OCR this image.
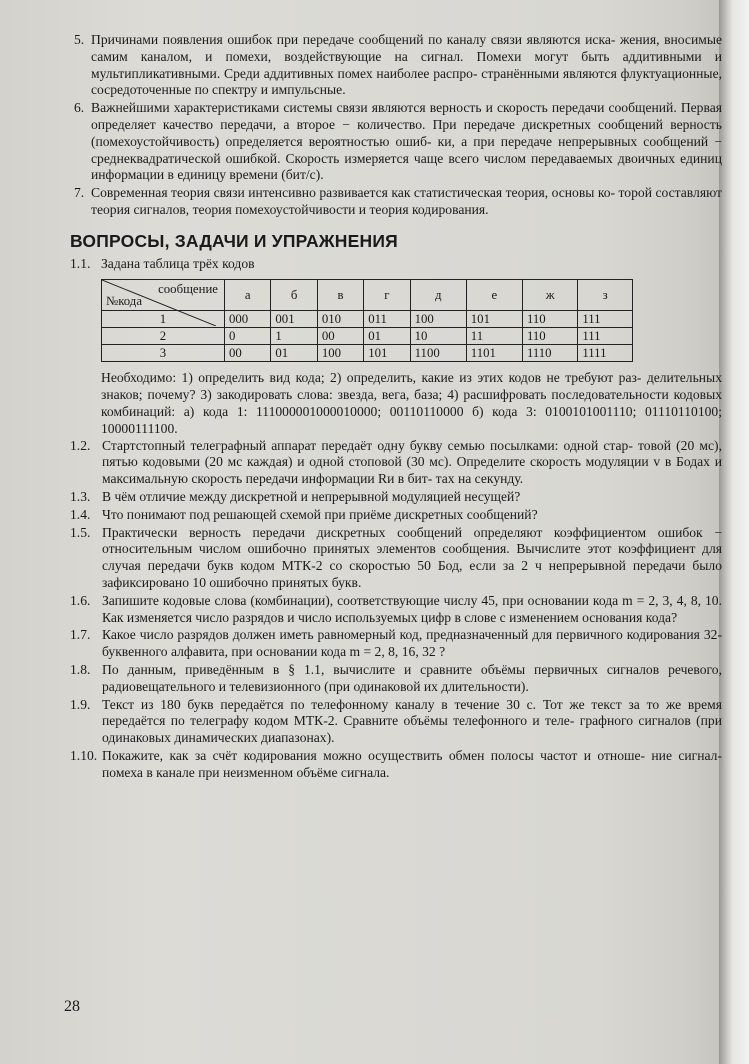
5. Причинами появления ошибок при передаче сообщений по каналу связи являются иска- жения, вносимые самим каналом, и помехи, воздействующие на сигнал. Помехи могут быть аддитивными и мультипликативными. Среди аддитивных помех наиболее распро- странёнными являются флуктуационные, сосредоточенные по спектру и импульсные.
6. Важнейшими характеристиками системы связи являются верность и скорость передачи сообщений. Первая определяет качество передачи, а второе − количество. При передаче дискретных сообщений верность (помехоустойчивость) определяется вероятностью ошиб- ки, а при передаче непрерывных сообщений − среднеквадратической ошибкой. Скорость измеряется чаще всего числом передаваемых двоичных единиц информации в единицу времени (бит/с).
7. Современная теория связи интенсивно развивается как статистическая теория, основы ко- торой составляют теория сигналов, теория помехоустойчивости и теория кодирования.
ВОПРОСЫ, ЗАДАЧИ И УПРАЖНЕНИЯ
1.1. Задана таблица трёх кодов
сообщение
№кода	а	б	в	г	д	е	ж	з
1	000	001	010	011	100	101	110	111
2	0	1	00	01	10	11	110	111
3	00	01	100	101	1100	1101	1110	1111
Необходимо: 1) определить вид кода; 2) определить, какие из этих кодов не требуют раз- делительных знаков; почему? 3) закодировать слова: звезда, вега, база; 4) расшифровать последовательности кодовых комбинаций: а) кода 1: 111000001000010000; 00110110000 б) кода 3: 0100101001110; 01110110100; 10000111100.
1.2. Стартстопный телеграфный аппарат передаёт одну букву семью посылками: одной стар- товой (20 мс), пятью кодовыми (20 мс каждая) и одной стоповой (30 мс). Определите скорость модуляции v в Бодах и максимальную скорость передачи информации Rи в бит- тах на секунду.
1.3. В чём отличие между дискретной и непрерывной модуляцией несущей?
1.4. Что понимают под решающей схемой при приёме дискретных сообщений?
1.5. Практически верность передачи дискретных сообщений определяют коэффициентом ошибок − относительным числом ошибочно принятых элементов сообщения. Вычислите этот коэффициент для случая передачи букв кодом МТК-2 со скоростью 50 Бод, если за 2 ч непрерывной передачи было зафиксировано 10 ошибочно принятых букв.
1.6. Запишите кодовые слова (комбинации), соответствующие числу 45, при основании кода m = 2, 3, 4, 8, 10. Как изменяется число разрядов и число используемых цифр в слове с изменением основания кода?
1.7. Какое число разрядов должен иметь равномерный код, предназначенный для первичного кодирования 32-буквенного алфавита, при основании кода m = 2, 8, 16, 32 ?
1.8. По данным, приведённым в § 1.1, вычислите и сравните объёмы первичных сигналов речевого, радиовещательного и телевизионного (при одинаковой их длительности).
1.9. Текст из 180 букв передаётся по телефонному каналу в течение 30 с. Тот же текст за то же время передаётся по телеграфу кодом МТК-2. Сравните объёмы телефонного и теле- графного сигналов (при одинаковых динамических диапазонах).
1.10. Покажите, как за счёт кодирования можно осуществить обмен полосы частот и отноше- ние сигнал-помеха в канале при неизменном объёме сигнала.
28
